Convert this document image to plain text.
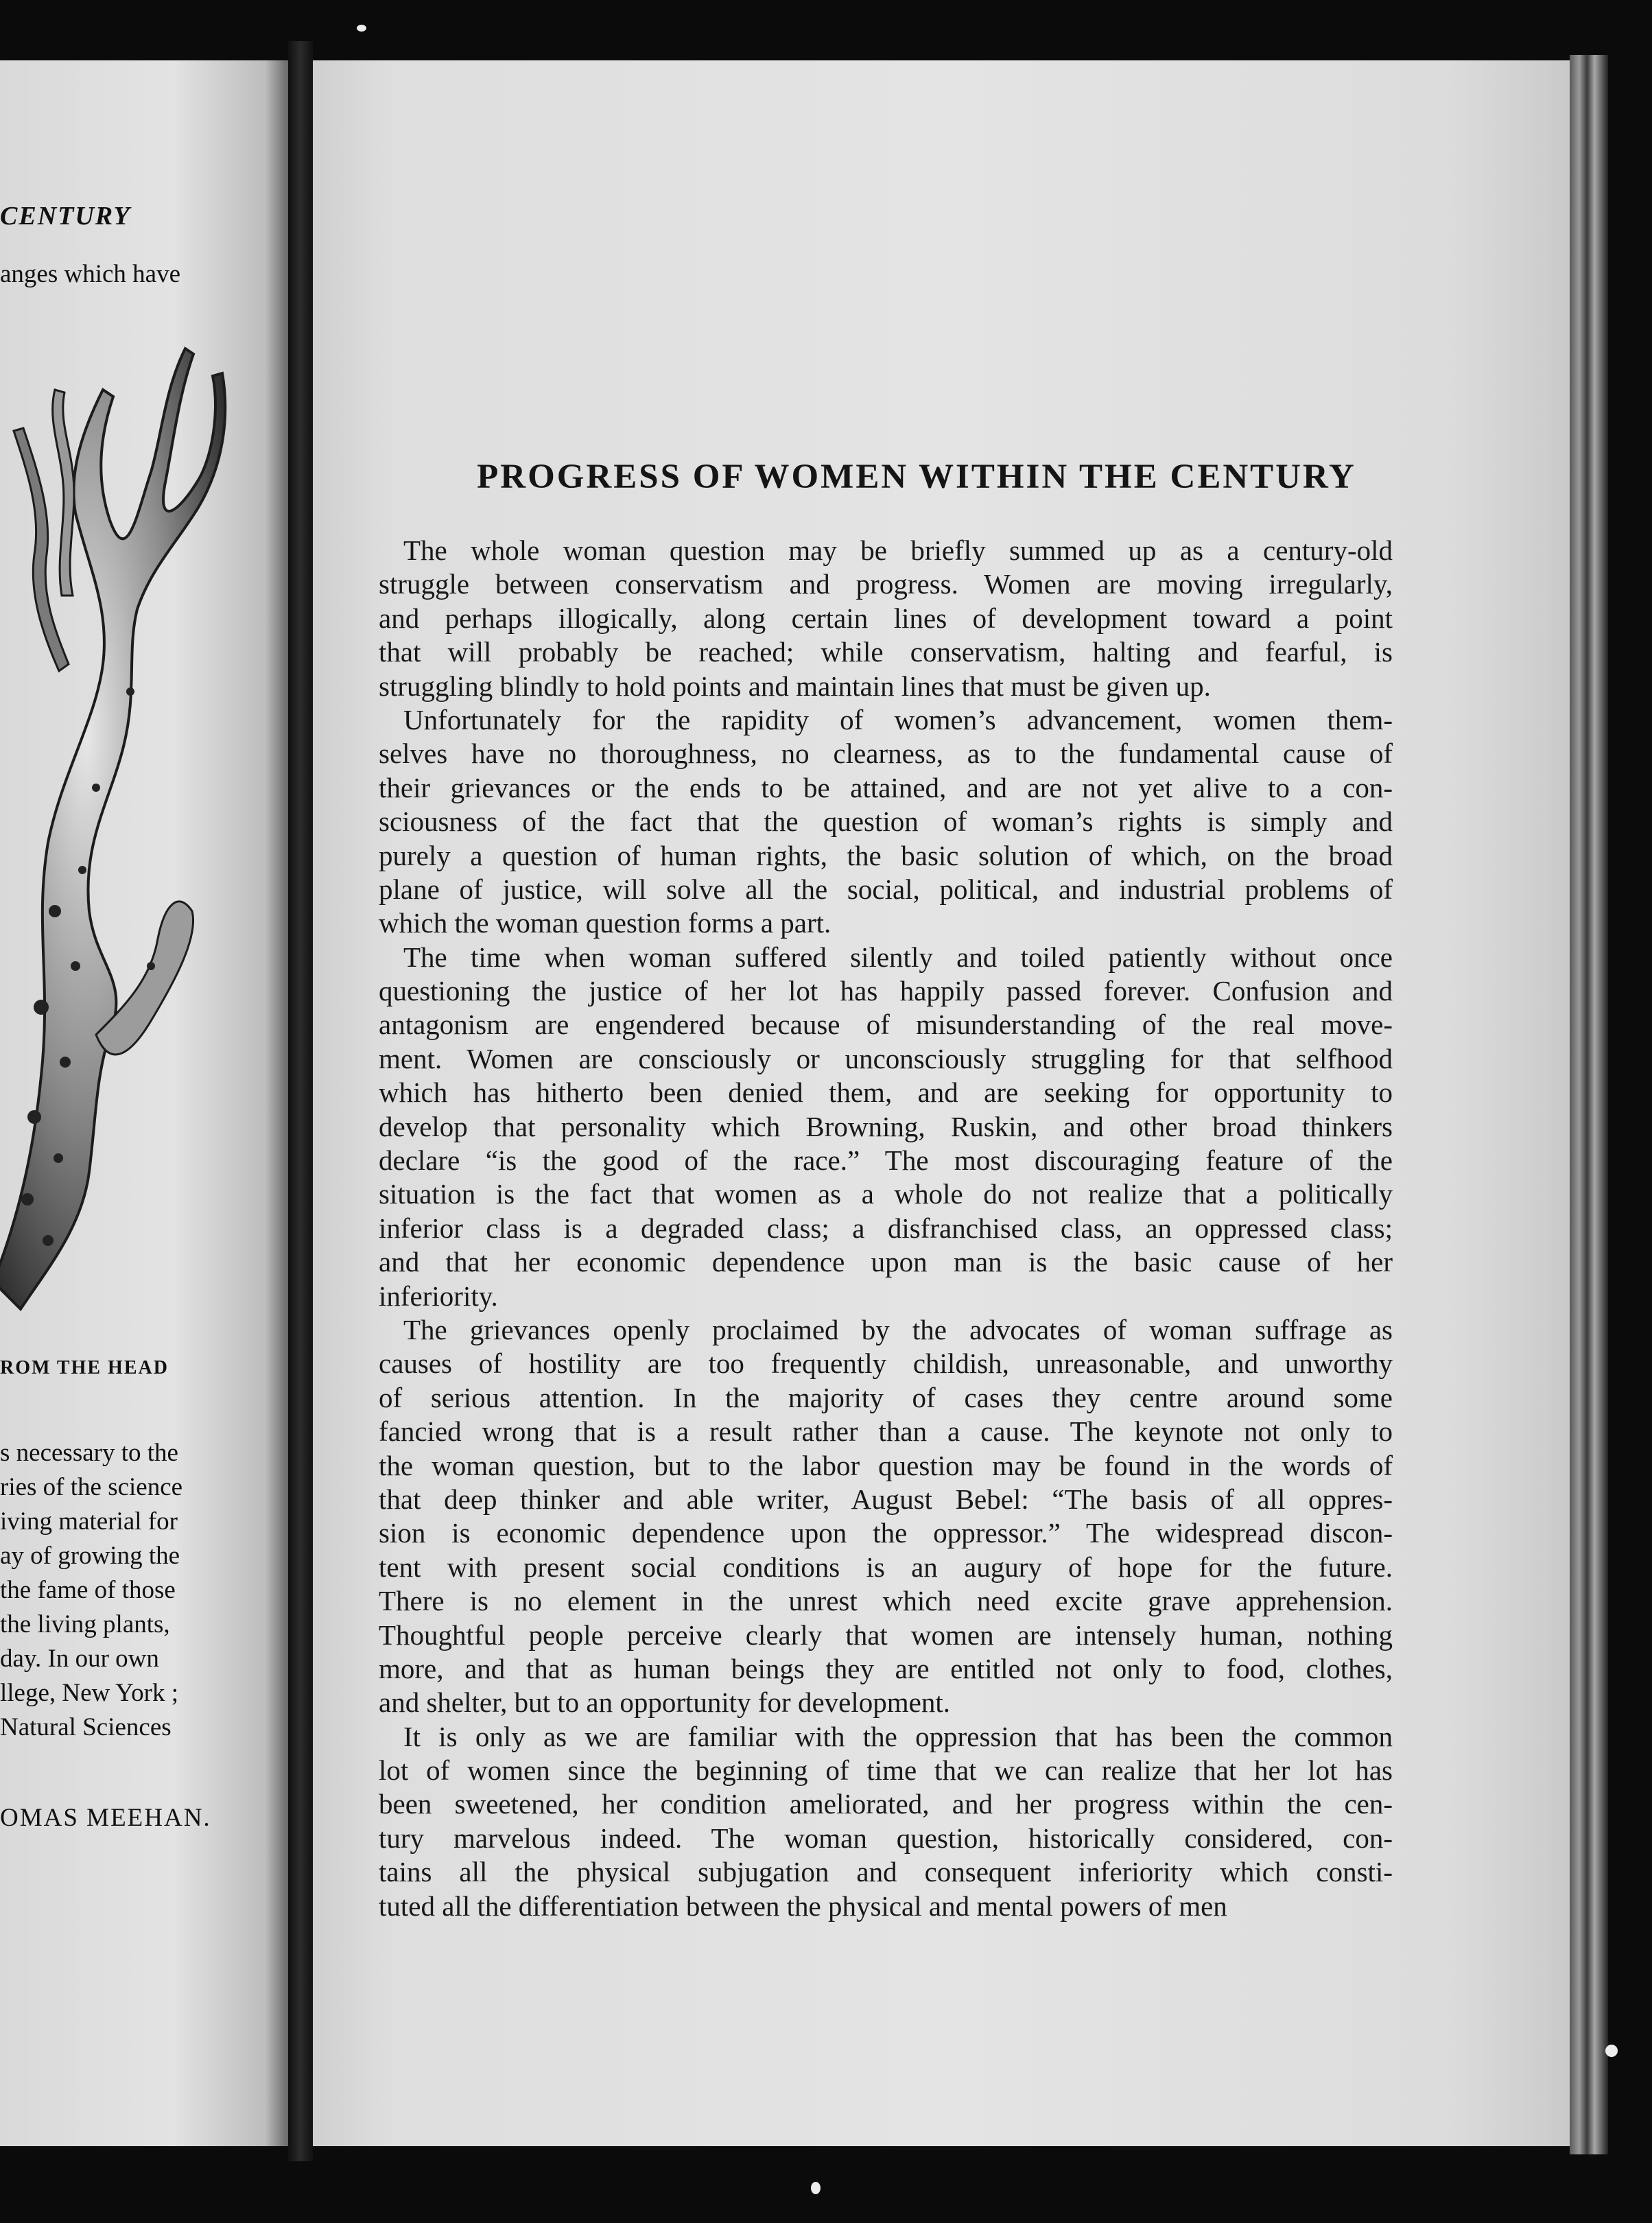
CENTURY
anges which have
ROM THE HEAD
s necessary to the
ries of the science
iving material for
ay of growing the
the fame of those
the living plants,
day. In our own
llege, New York ;
Natural Sciences
OMAS MEEHAN.
PROGRESS OF WOMEN WITHIN THE CENTURY
The whole woman question may be briefly summed up as a century-old
struggle between conservatism and progress. Women are moving irregularly,
and perhaps illogically, along certain lines of development toward a point
that will probably be reached; while conservatism, halting and fearful, is
struggling blindly to hold points and maintain lines that must be given up.
Unfortunately for the rapidity of women’s advancement, women them-
selves have no thoroughness, no clearness, as to the fundamental cause of
their grievances or the ends to be attained, and are not yet alive to a con-
sciousness of the fact that the question of woman’s rights is simply and
purely a question of human rights, the basic solution of which, on the broad
plane of justice, will solve all the social, political, and industrial problems of
which the woman question forms a part.
The time when woman suffered silently and toiled patiently without once
questioning the justice of her lot has happily passed forever. Confusion and
antagonism are engendered because of misunderstanding of the real move-
ment. Women are consciously or unconsciously struggling for that selfhood
which has hitherto been denied them, and are seeking for opportunity to
develop that personality which Browning, Ruskin, and other broad thinkers
declare “is the good of the race.” The most discouraging feature of the
situation is the fact that women as a whole do not realize that a politically
inferior class is a degraded class; a disfranchised class, an oppressed class;
and that her economic dependence upon man is the basic cause of her
inferiority.
The grievances openly proclaimed by the advocates of woman suffrage as
causes of hostility are too frequently childish, unreasonable, and unworthy
of serious attention. In the majority of cases they centre around some
fancied wrong that is a result rather than a cause. The keynote not only to
the woman question, but to the labor question may be found in the words of
that deep thinker and able writer, August Bebel: “The basis of all oppres-
sion is economic dependence upon the oppressor.” The widespread discon-
tent with present social conditions is an augury of hope for the future.
There is no element in the unrest which need excite grave apprehension.
Thoughtful people perceive clearly that women are intensely human, nothing
more, and that as human beings they are entitled not only to food, clothes,
and shelter, but to an opportunity for development.
It is only as we are familiar with the oppression that has been the common
lot of women since the beginning of time that we can realize that her lot has
been sweetened, her condition ameliorated, and her progress within the cen-
tury marvelous indeed. The woman question, historically considered, con-
tains all the physical subjugation and consequent inferiority which consti-
tuted all the differentiation between the physical and mental powers of men
